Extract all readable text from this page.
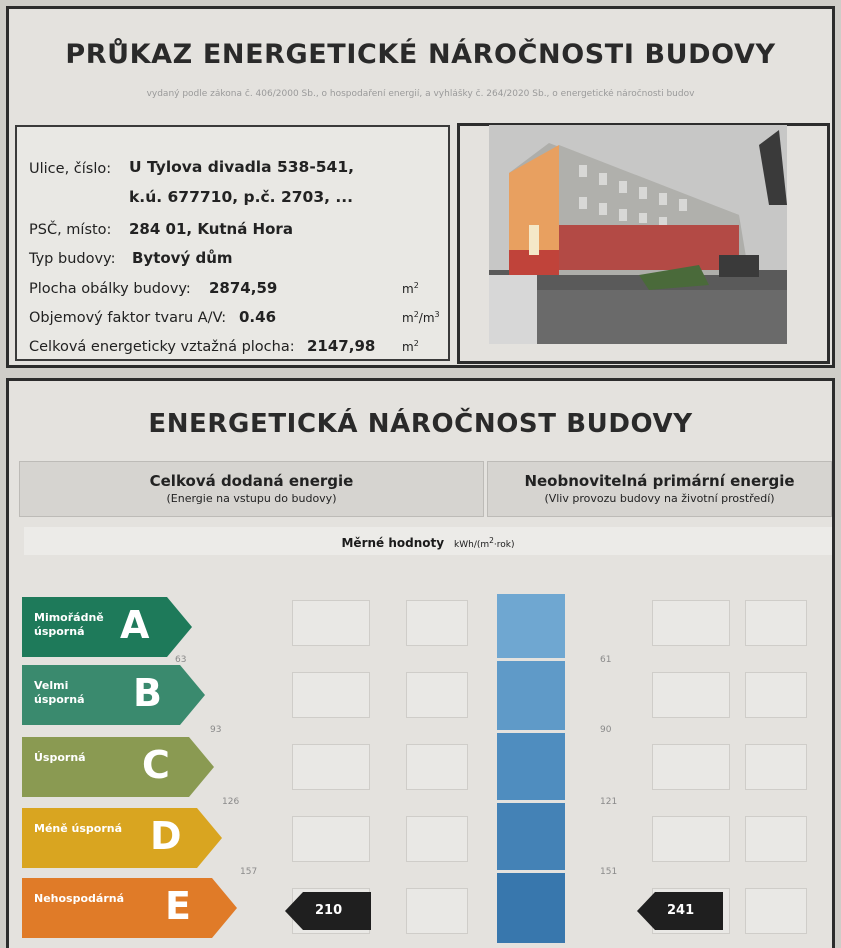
PRŮKAZ ENERGETICKÉ NÁROČNOSTI BUDOVY
vydaný podle zákona č. 406/2000 Sb., o hospodaření energií, a vyhlášky č. 264/2020 Sb., o energetické náročnosti budov
Ulice, číslo: U Tylova divadla 538-541,
k.ú. 677710, p.č. 2703, ...
PSČ, místo: 284 01, Kutná Hora
Typ budovy: Bytový dům
Plocha obálky budovy: 2874,59	$m^2$
Objemový faktor tvaru A/V: 0.46	$m^2/m^3$
Celková energeticky vztažná plocha: 2147,98 $m^2$
ENERGETICKÁ NÁROČNOST BUDOVY
Celková dodaná energie
(Energie na vstupu do budovy)
Neobnovitelná primární energie
(Vliv provozu budovy na životní prostředí)
Měrné hodnoty kWh/$(m^2\cdot rok)$
Mimořádně
úsporná A
Velmi
úsporná B
Úsporná C
Méně úsporná D
Nehospodárná E
63
93
126
157
61
90
121
151
210	241
